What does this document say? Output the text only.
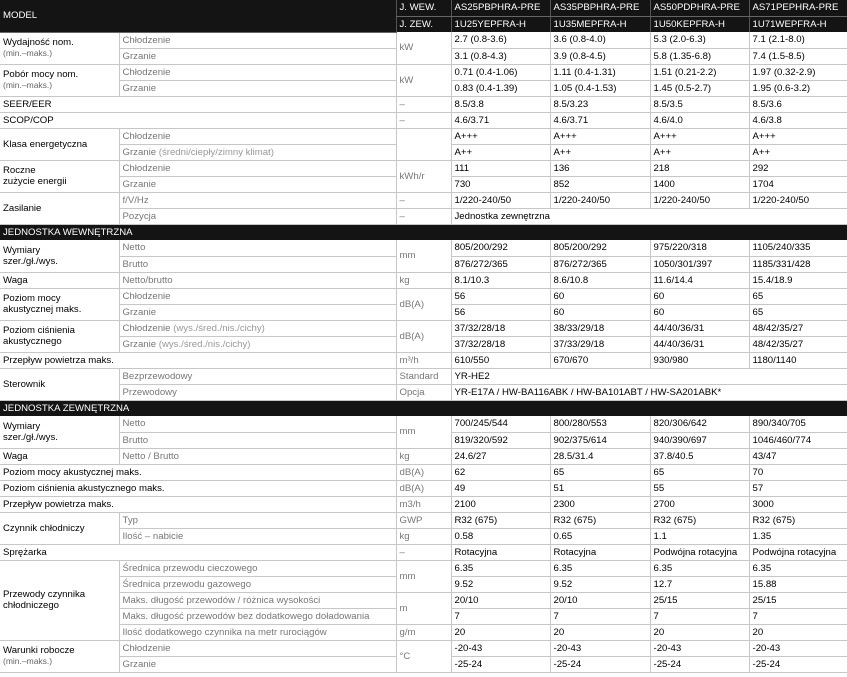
MODEL		J. WEW.	AS25PBPHRA-PRE	AS35PBPHRA-PRE	AS50PDPHRA-PRE	AS71PEPHRA-PRE
		J. ZEW.	1U25YEPFRA-H	1U35MEPFRA-H	1U50KEPFRA-H	1U71WEPFRA-H
Wydajność nom.
(min.–maks.)	Chłodzenie	kW	2.7 (0.8-3.6)	3.6 (0.8-4.0)	5.3 (2.0-6.3)	7.1 (2.1-8.0)
	Grzanie		3.1 (0.8-4.3)	3.9 (0.8-4.5)	5.8 (1.35-6.8)	7.4 (1.5-8.5)
Pobór mocy nom.
(min.–maks.)	Chłodzenie	kW	0.71 (0.4-1.06)	1.11 (0.4-1.31)	1.51 (0.21-2.2)	1.97 (0.32-2.9)
	Grzanie		0.83 (0.4-1.39)	1.05 (0.4-1.53)	1.45 (0.5-2.7)	1.95 (0.6-3.2)
SEER/EER		–	8.5/3.8	8.5/3.23	8.5/3.5	8.5/3.6
SCOP/COP		–	4.6/3.71	4.6/3.71	4.6/4.0	4.6/3.8
Klasa energetyczna	Chłodzenie		A+++	A+++	A+++	A+++
	Grzanie (średni/ciepły/zimny klimat)		A++	A++	A++	A++
Roczne
zużycie energii	Chłodzenie	kWh/r	111	136	218	292
	Grzanie		730	852	1400	1704
Zasilanie	f/V/Hz	–	1/220-240/50	1/220-240/50	1/220-240/50	1/220-240/50
	Pozycja	–	Jednostka zewnętrzna			
JEDNOSTKA WEWNĘTRZNA						
Wymiary
szer./gł./wys.	Netto	mm	805/200/292	805/200/292	975/220/318	1105/240/335
	Brutto		876/272/365	876/272/365	1050/301/397	1185/331/428
Waga	Netto/brutto	kg	8.1/10.3	8.6/10.8	11.6/14.4	15.4/18.9
Poziom mocy
akustycznej maks.	Chłodzenie	dB(A)	56	60	60	65
	Grzanie		56	60	60	65
Poziom ciśnienia
akustycznego	Chłodzenie (wys./śred./nis./cichy)	dB(A)	37/32/28/18	38/33/29/18	44/40/36/31	48/42/35/27
	Grzanie (wys./śred./nis./cichy)		37/32/28/18	37/33/29/18	44/40/36/31	48/42/35/27
Przepływ powietrza maks.		m³/h	610/550	670/670	930/980	1180/1140
Sterownik	Bezprzewodowy	Standard	YR-HE2			
	Przewodowy	Opcja	YR-E17A / HW-BA116ABK / HW-BA101ABT / HW-SA201ABK*			
JEDNOSTKA ZEWNĘTRZNA						
Wymiary
szer./gł./wys.	Netto	mm	700/245/544	800/280/553	820/306/642	890/340/705
	Brutto		819/320/592	902/375/614	940/390/697	1046/460/774
Waga	Netto / Brutto	kg	24.6/27	28.5/31.4	37.8/40.5	43/47
Poziom mocy akustycznej maks.		dB(A)	62	65	65	70
Poziom ciśnienia akustycznego maks.		dB(A)	49	51	55	57
Przepływ powietrza maks.		m3/h	2100	2300	2700	3000
Czynnik chłodniczy	Typ	GWP	R32 (675)	R32 (675)	R32 (675)	R32 (675)
	Ilość – nabicie	kg	0.58	0.65	1.1	1.35
Sprężarka		–	Rotacyjna	Rotacyjna	Podwójna rotacyjna	Podwójna rotacyjna
Przewody czynnika
chłodniczego	Średnica przewodu cieczowego	mm	6.35	6.35	6.35	6.35
	Średnica przewodu gazowego		9.52	9.52	12.7	15.88
	Maks. długość przewodów / różnica wysokości	m	20/10	20/10	25/15	25/15
	Maks. długość przewodów bez dodatkowego doładowania		7	7	7	7
	Ilość dodatkowego czynnika na metr rurociągów	g/m	20	20	20	20
Warunki robocze
(min.–maks.)	Chłodzenie	°C	-20-43	-20-43	-20-43	-20-43
	Grzanie		-25-24	-25-24	-25-24	-25-24
